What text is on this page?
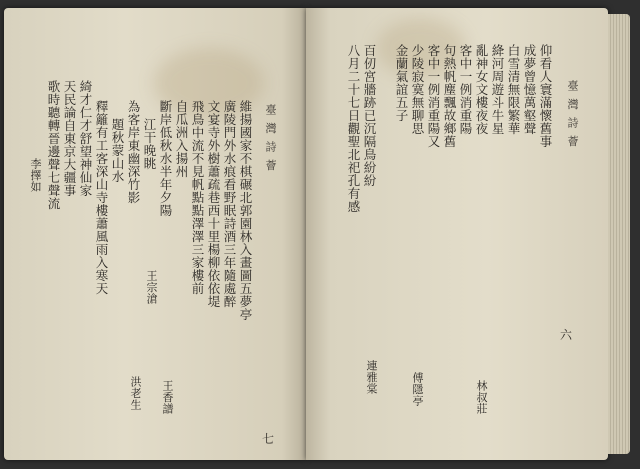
臺 灣 詩 薈
維揚國家不棋碾北郭園林入畫圖五夢亭
廣陵門外水痕看野眠詩酒三年隨處醉
文宴寺外樹蕭疏巷西十里楊柳依依堤
飛鳥中流不見帆點點澤澤三家樓前
自瓜洲入揚州
斷岸低秋水半年夕陽
江干晚眺
為客岸東幽深竹影
題秋蒙山水
釋籬有工客深山寺樓蕭風雨入寒天
綺才仁才舒望神仙家
天民論自東京大疆事
歌時聽轉晉邊聲七聲流
洪老生 王香譜
王宗滄
李擇如
七
臺 灣 詩 薈
仰看人寰滿懷舊事
成夢曾憶萬壑聲
白雪清無限繁華
絳河周遊斗牛星
亂神女文樓夜夜
客中一例消重陽
句熱帆塵飄故鄉舊
客中一例消重陽又
少陵寂寞無聊思
金蘭氣誼五子
百仞宮牆跡已沉隔鳥紛紛
八月二十七日觀聖北祀孔有感
林叔莊
傅隱亭
連雅棠
六
